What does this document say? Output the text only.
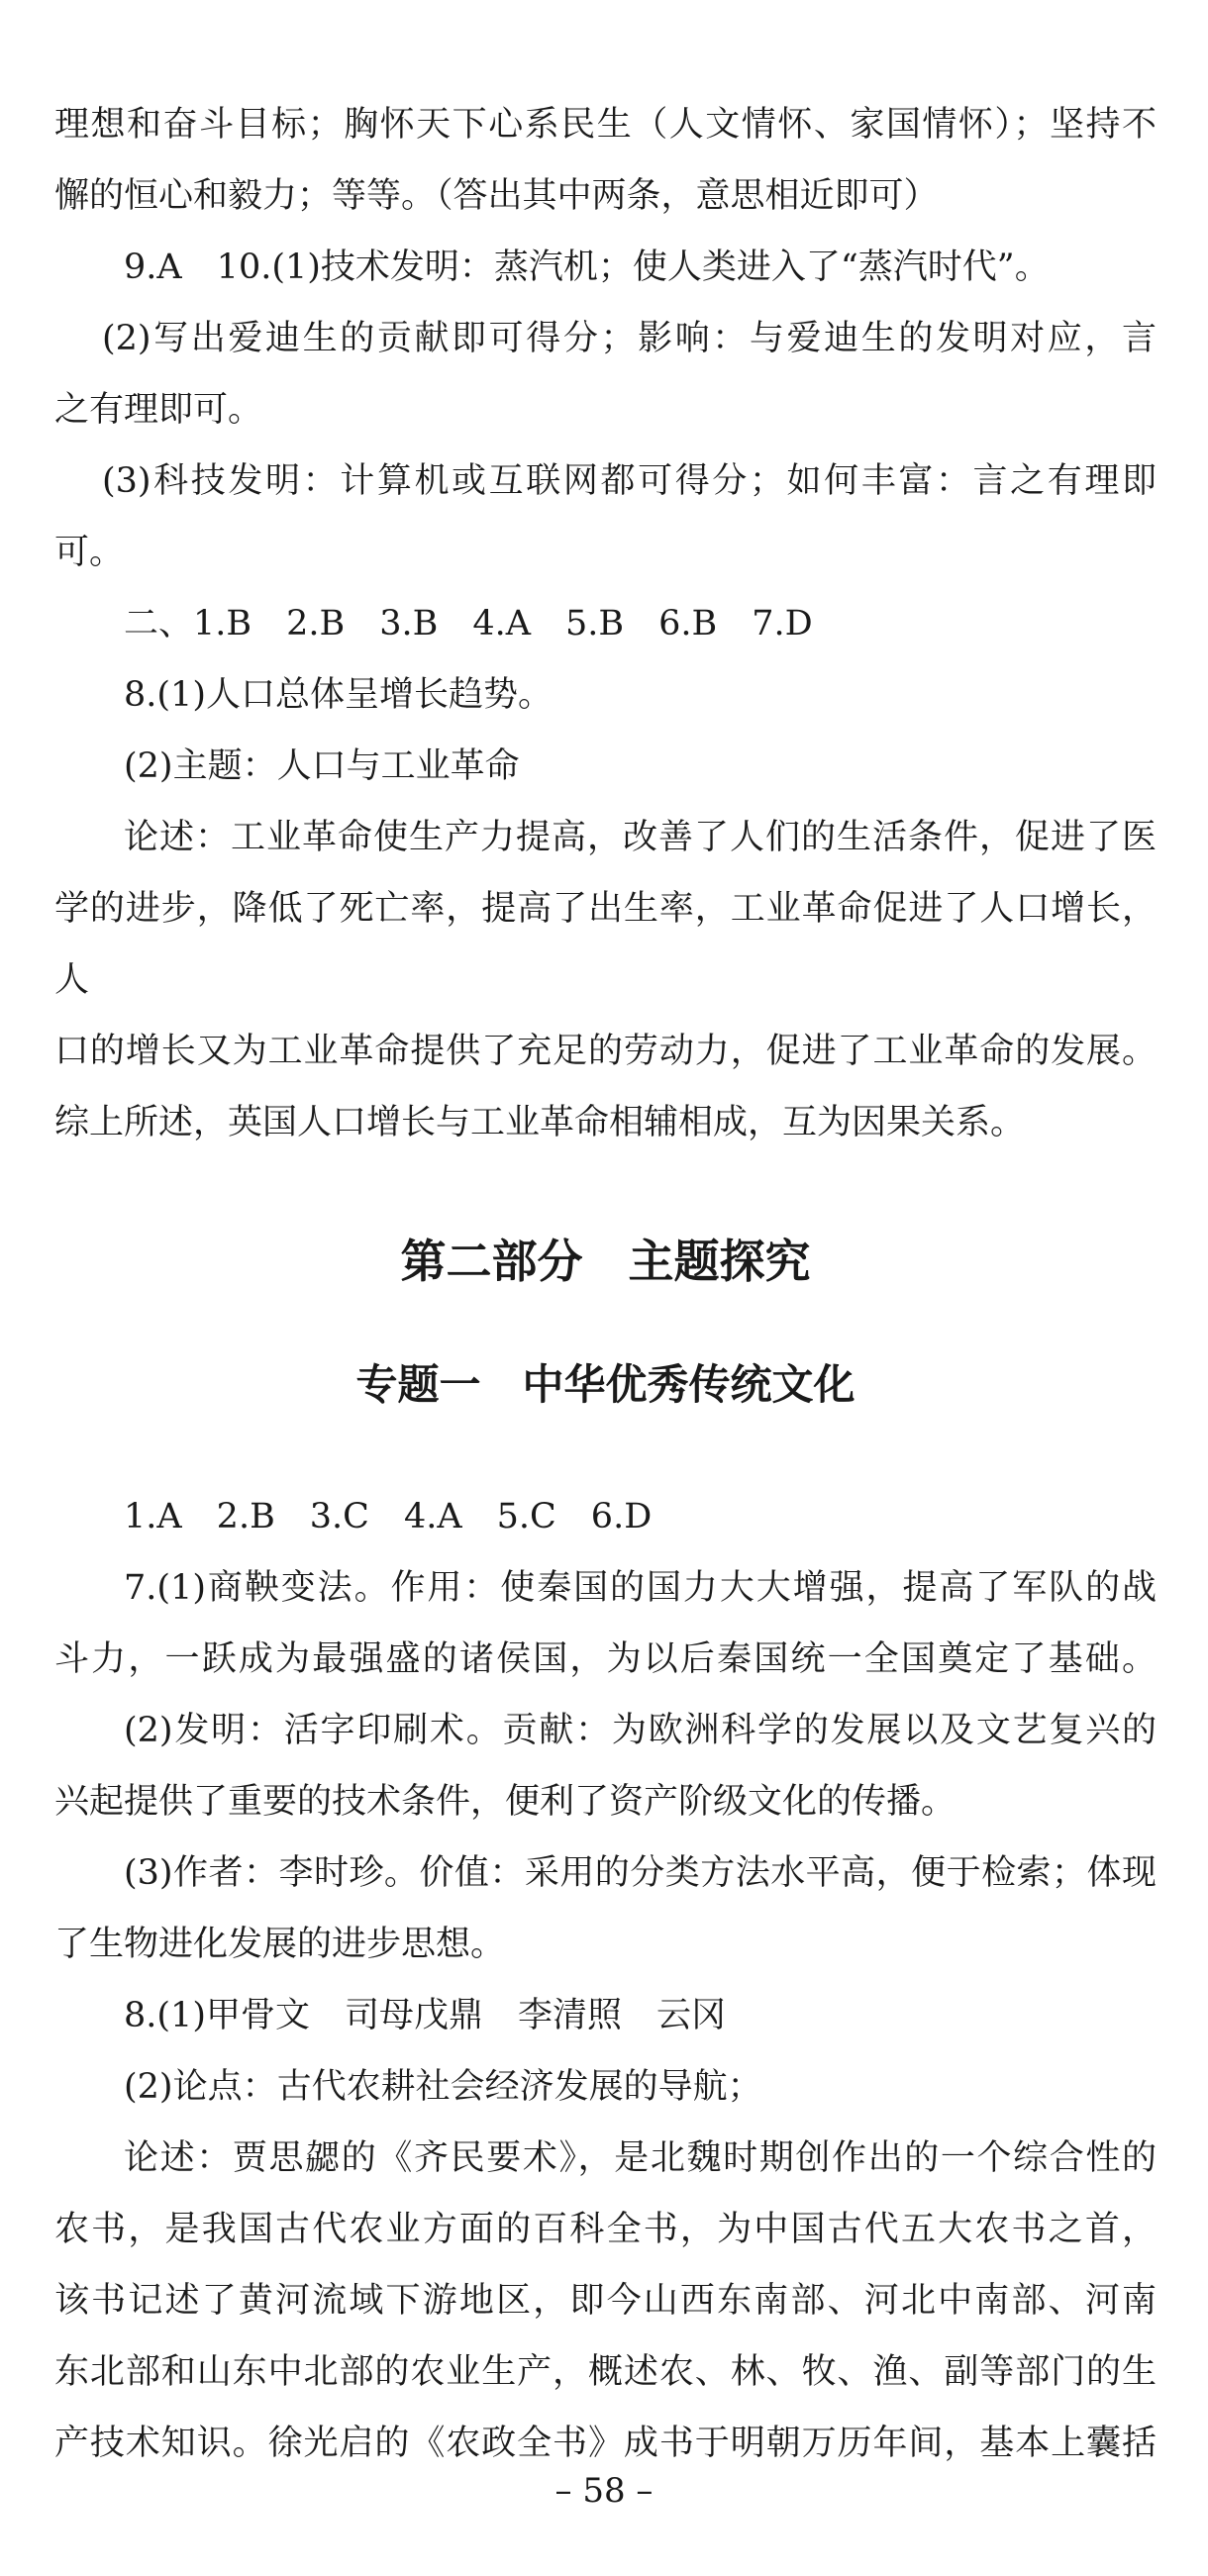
理想和奋斗目标；胸怀天下心系民生（人文情怀、家国情怀）；坚持不
懈的恒心和毅力；等等。（答出其中两条，意思相近即可）
9.A　10.(1)技术发明：蒸汽机；使人类进入了“蒸汽时代”。
(2)写出爱迪生的贡献即可得分；影响：与爱迪生的发明对应，言
之有理即可。
(3)科技发明：计算机或互联网都可得分；如何丰富：言之有理即
可。
二、1.B　2.B　3.B　4.A　5.B　6.B　7.D
8.(1)人口总体呈增长趋势。
(2)主题：人口与工业革命
论述：工业革命使生产力提高，改善了人们的生活条件，促进了医
学的进步，降低了死亡率，提高了出生率，工业革命促进了人口增长，人
口的增长又为工业革命提供了充足的劳动力，促进了工业革命的发展。
综上所述，英国人口增长与工业革命相辅相成，互为因果关系。
第二部分　主题探究
专题一　中华优秀传统文化
1.A　2.B　3.C　4.A　5.C　6.D
7.(1)商鞅变法。作用：使秦国的国力大大增强，提高了军队的战
斗力，一跃成为最强盛的诸侯国，为以后秦国统一全国奠定了基础。
(2)发明：活字印刷术。贡献：为欧洲科学的发展以及文艺复兴的
兴起提供了重要的技术条件，便利了资产阶级文化的传播。
(3)作者：李时珍。价值：采用的分类方法水平高，便于检索；体现
了生物进化发展的进步思想。
8.(1)甲骨文　司母戊鼎　李清照　云冈
(2)论点：古代农耕社会经济发展的导航；
论述：贾思勰的《齐民要术》，是北魏时期创作出的一个综合性的
农书，是我国古代农业方面的百科全书，为中国古代五大农书之首，
该书记述了黄河流域下游地区，即今山西东南部、河北中南部、河南
东北部和山东中北部的农业生产，概述农、林、牧、渔、副等部门的生
产技术知识。徐光启的《农政全书》成书于明朝万历年间，基本上囊括
– 58 –
